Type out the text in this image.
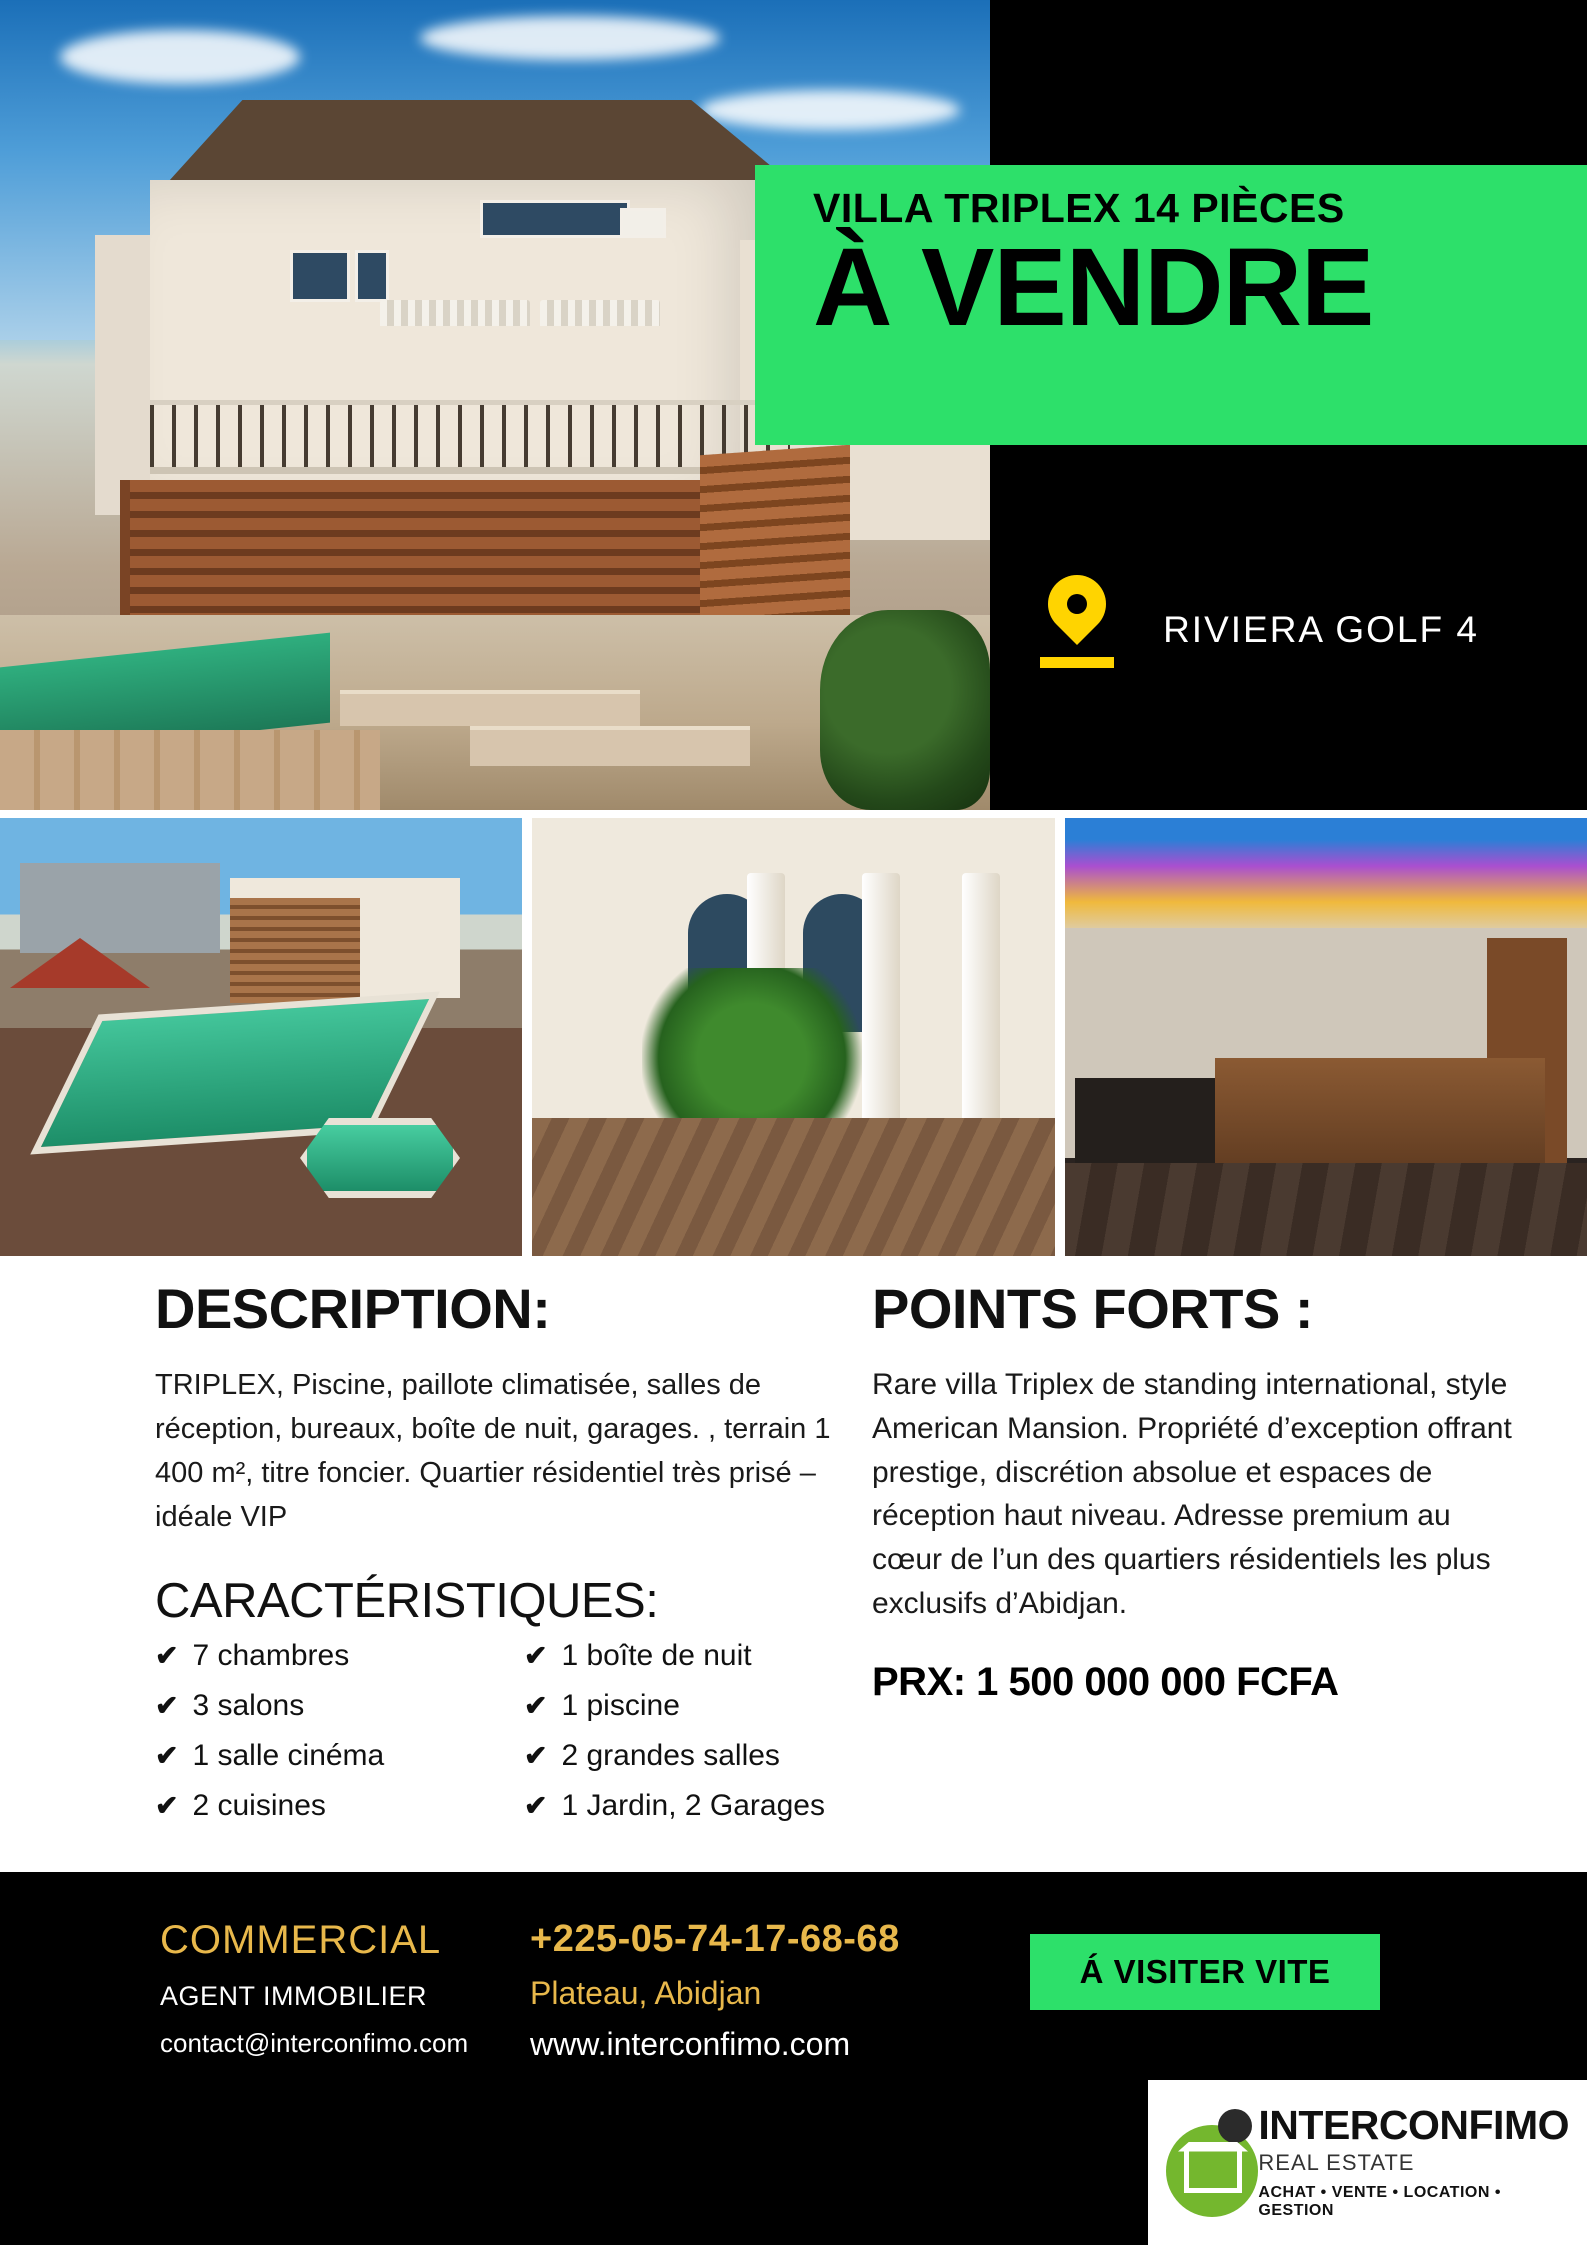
VILLA TRIPLEX 14 PIÈCES
À VENDRE
RIVIERA GOLF 4
DESCRIPTION:
TRIPLEX, Piscine, paillote climatisée, salles de réception, bureaux, boîte de nuit, garages. , terrain 1 400 m², titre foncier. Quartier résidentiel très prisé – idéale VIP
CARACTÉRISTIQUES:
✔ 7 chambres
✔ 3 salons
✔ 1 salle cinéma
✔ 2 cuisines
✔ 1 boîte de nuit
✔ 1 piscine
✔ 2 grandes salles
✔ 1 Jardin, 2 Garages
POINTS FORTS :
Rare villa Triplex de standing international, style American Mansion. Propriété d’exception offrant prestige, discrétion absolue et espaces de réception haut niveau. Adresse premium au cœur de l’un des quartiers résidentiels les plus exclusifs d’Abidjan.
PRX: 1 500 000 000 FCFA
COMMERCIAL
AGENT IMMOBILIER
contact@interconfimo.com
+225-05-74-17-68-68
Plateau, Abidjan
www.interconfimo.com
Á VISITER VITE
INTERCONFIMO
REAL ESTATE
ACHAT • VENTE • LOCATION • GESTION
